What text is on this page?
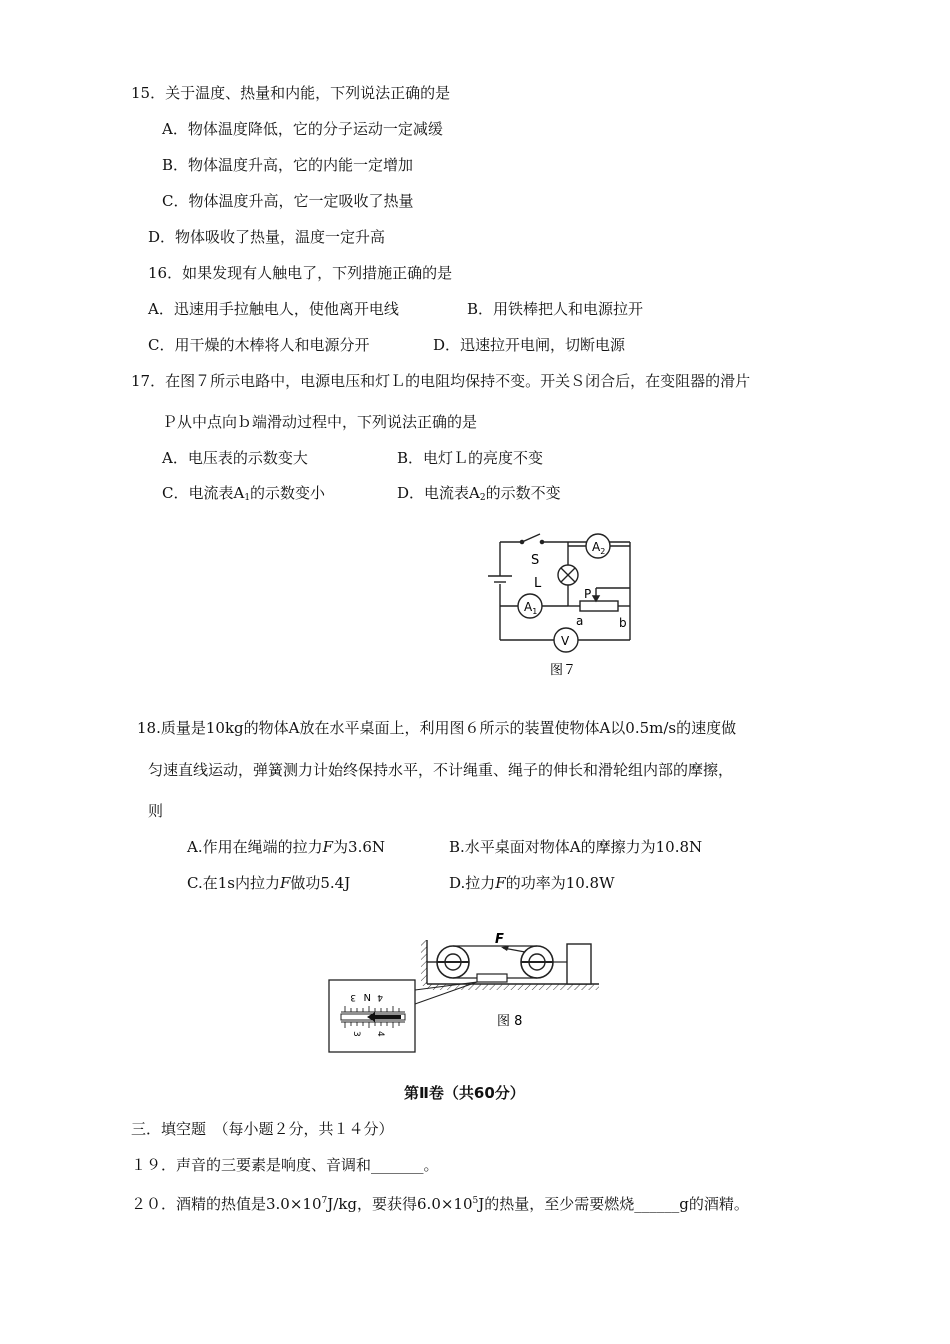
15．关于温度、热量和内能，下列说法正确的是
A．物体温度降低，它的分子运动一定减缓
B．物体温度升高，它的内能一定增加
C．物体温度升高，它一定吸收了热量
D．物体吸收了热量，温度一定升高
16．如果发现有人触电了，下列措施正确的是
A．迅速用手拉触电人，使他离开电线	B．用铁棒把人和电源拉开
C．用干燥的木棒将人和电源分开	D．迅速拉开电闸，切断电源
17．在图７所示电路中，电源电压和灯Ｌ的电阻均保持不变。开关Ｓ闭合后，在变阻器的滑片
Ｐ从中点向ｂ端滑动过程中，下列说法正确的是
A．电压表的示数变大	B．电灯Ｌ的亮度不变
C．电流表$A_1$的示数变小	D．电流表$A_2$的示数不变
$A_2$
$A_1$
V
S
L
P
a	b
图７
18.质量是10kg的物体A放在水平桌面上，利用图６所示的装置使物体A以0.5m/s的速度做
匀速直线运动，弹簧测力计始终保持水平，不计绳重、绳子的伸长和滑轮组内部的摩擦，
则
A.作用在绳端的拉力F为3.6N	B.水平桌面对物体A的摩擦力为10.8N
C.在1s内拉力F做功5.4J	D.拉力F的功率为10.8W
F
3 N 4
3 4
图 8
第Ⅱ卷（共60分）
三．填空题　（每小题２分，共１４分）
１９．声音的三要素是响度、音调和_______。
２０．酒精的热值是$3.0\times 10^7J/kg$，要获得$6.0\times 10^5J$的热量，至少需要燃烧______g的酒精。
